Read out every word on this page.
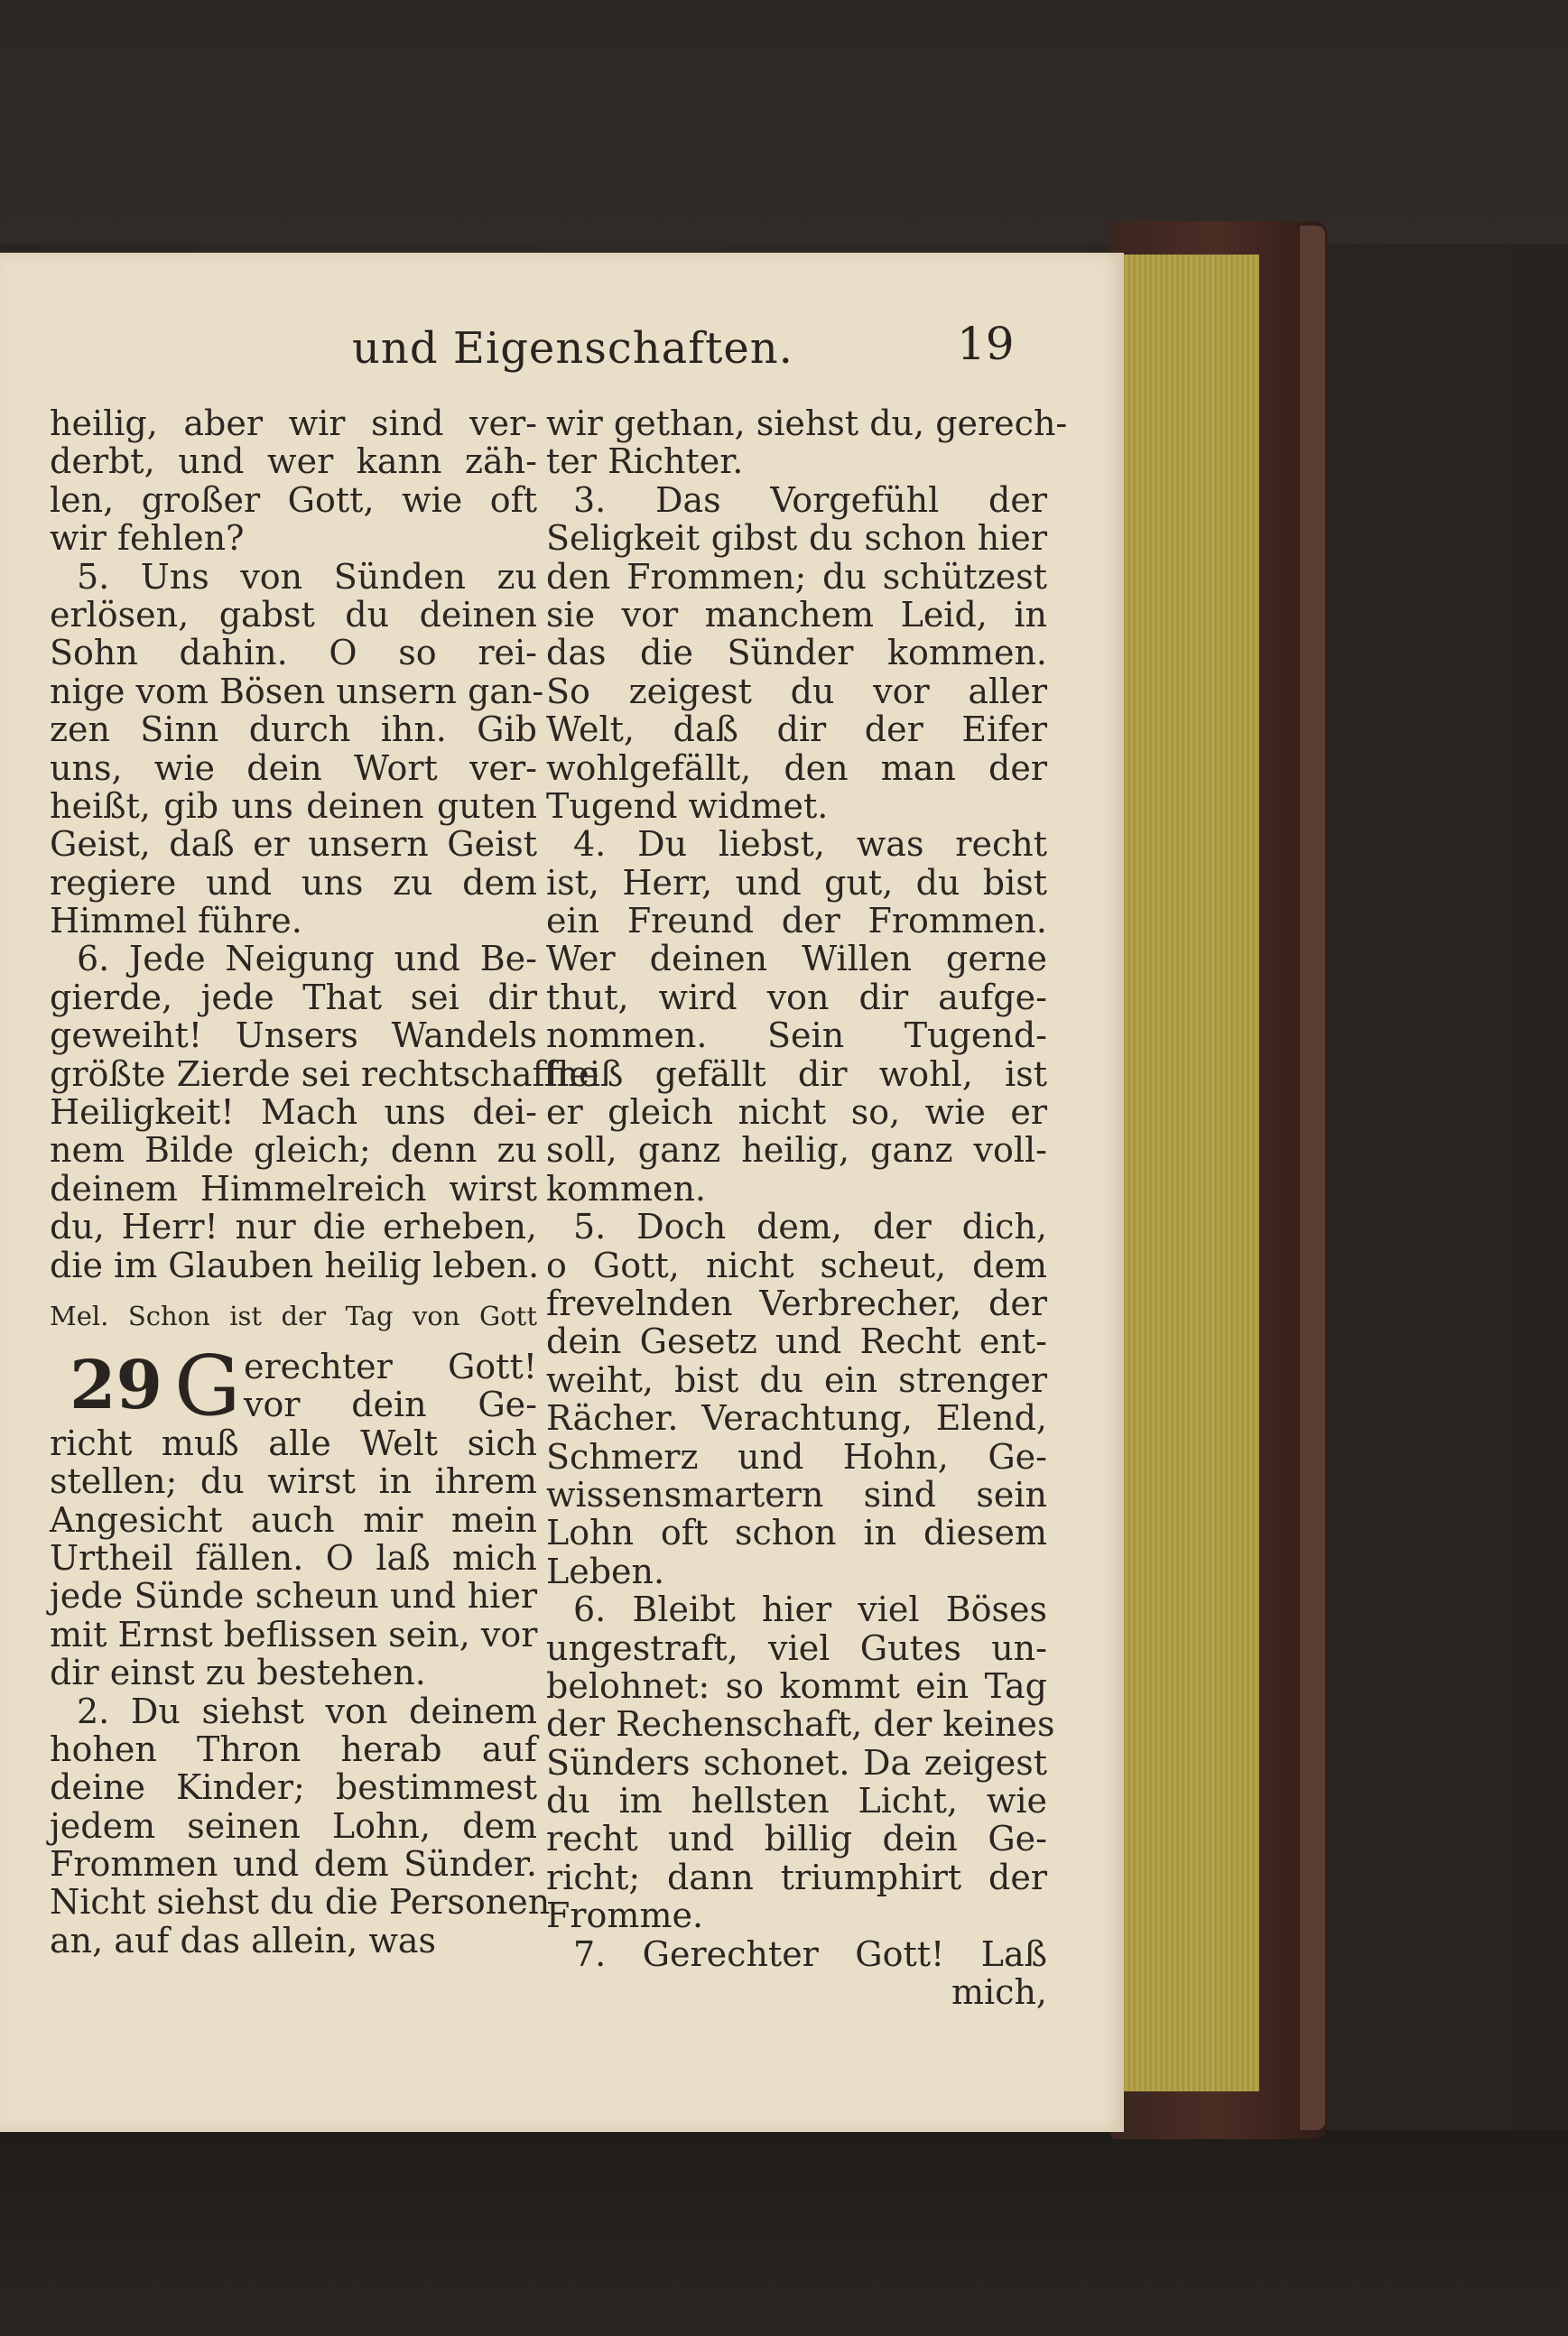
und Eigenschaften.	19
heilig, aber wir sind ver-
derbt, und wer kann zäh-
len, großer Gott, wie oft
wir fehlen?
5. Uns von Sünden zu
erlösen, gabst du deinen
Sohn dahin. O so rei-
nige vom Bösen unsern gan-
zen Sinn durch ihn. Gib
uns, wie dein Wort ver-
heißt, gib uns deinen guten
Geist, daß er unsern Geist
regiere und uns zu dem
Himmel führe.
6. Jede Neigung und Be-
gierde, jede That sei dir
geweiht! Unsers Wandels
größte Zierde sei rechtschaffne
Heiligkeit! Mach uns dei-
nem Bilde gleich; denn zu
deinem Himmelreich wirst
du, Herr! nur die erheben,
die im Glauben heilig leben.
Mel. Schon ist der Tag von Gott
29 G erechter Gott!
vor dein Ge-
richt muß alle Welt sich
stellen; du wirst in ihrem
Angesicht auch mir mein
Urtheil fällen. O laß mich
jede Sünde scheun und hier
mit Ernst beflissen sein, vor
dir einst zu bestehen.
2. Du siehst von deinem
hohen Thron herab auf
deine Kinder; bestimmest
jedem seinen Lohn, dem
Frommen und dem Sünder.
Nicht siehst du die Personen
an, auf das allein, was
wir gethan, siehst du, gerech-
ter Richter.
3. Das Vorgefühl der
Seligkeit gibst du schon hier
den Frommen; du schützest
sie vor manchem Leid, in
das die Sünder kommen.
So zeigest du vor aller
Welt, daß dir der Eifer
wohlgefällt, den man der
Tugend widmet.
4. Du liebst, was recht
ist, Herr, und gut, du bist
ein Freund der Frommen.
Wer deinen Willen gerne
thut, wird von dir aufge-
nommen. Sein Tugend-
fleiß gefällt dir wohl, ist
er gleich nicht so, wie er
soll, ganz heilig, ganz voll-
kommen.
5. Doch dem, der dich,
o Gott, nicht scheut, dem
frevelnden Verbrecher, der
dein Gesetz und Recht ent-
weiht, bist du ein strenger
Rächer. Verachtung, Elend,
Schmerz und Hohn, Ge-
wissensmartern sind sein
Lohn oft schon in diesem
Leben.
6. Bleibt hier viel Böses
ungestraft, viel Gutes un-
belohnet: so kommt ein Tag
der Rechenschaft, der keines
Sünders schonet. Da zeigest
du im hellsten Licht, wie
recht und billig dein Ge-
richt; dann triumphirt der
Fromme.
7. Gerechter Gott! Laß
mich,
